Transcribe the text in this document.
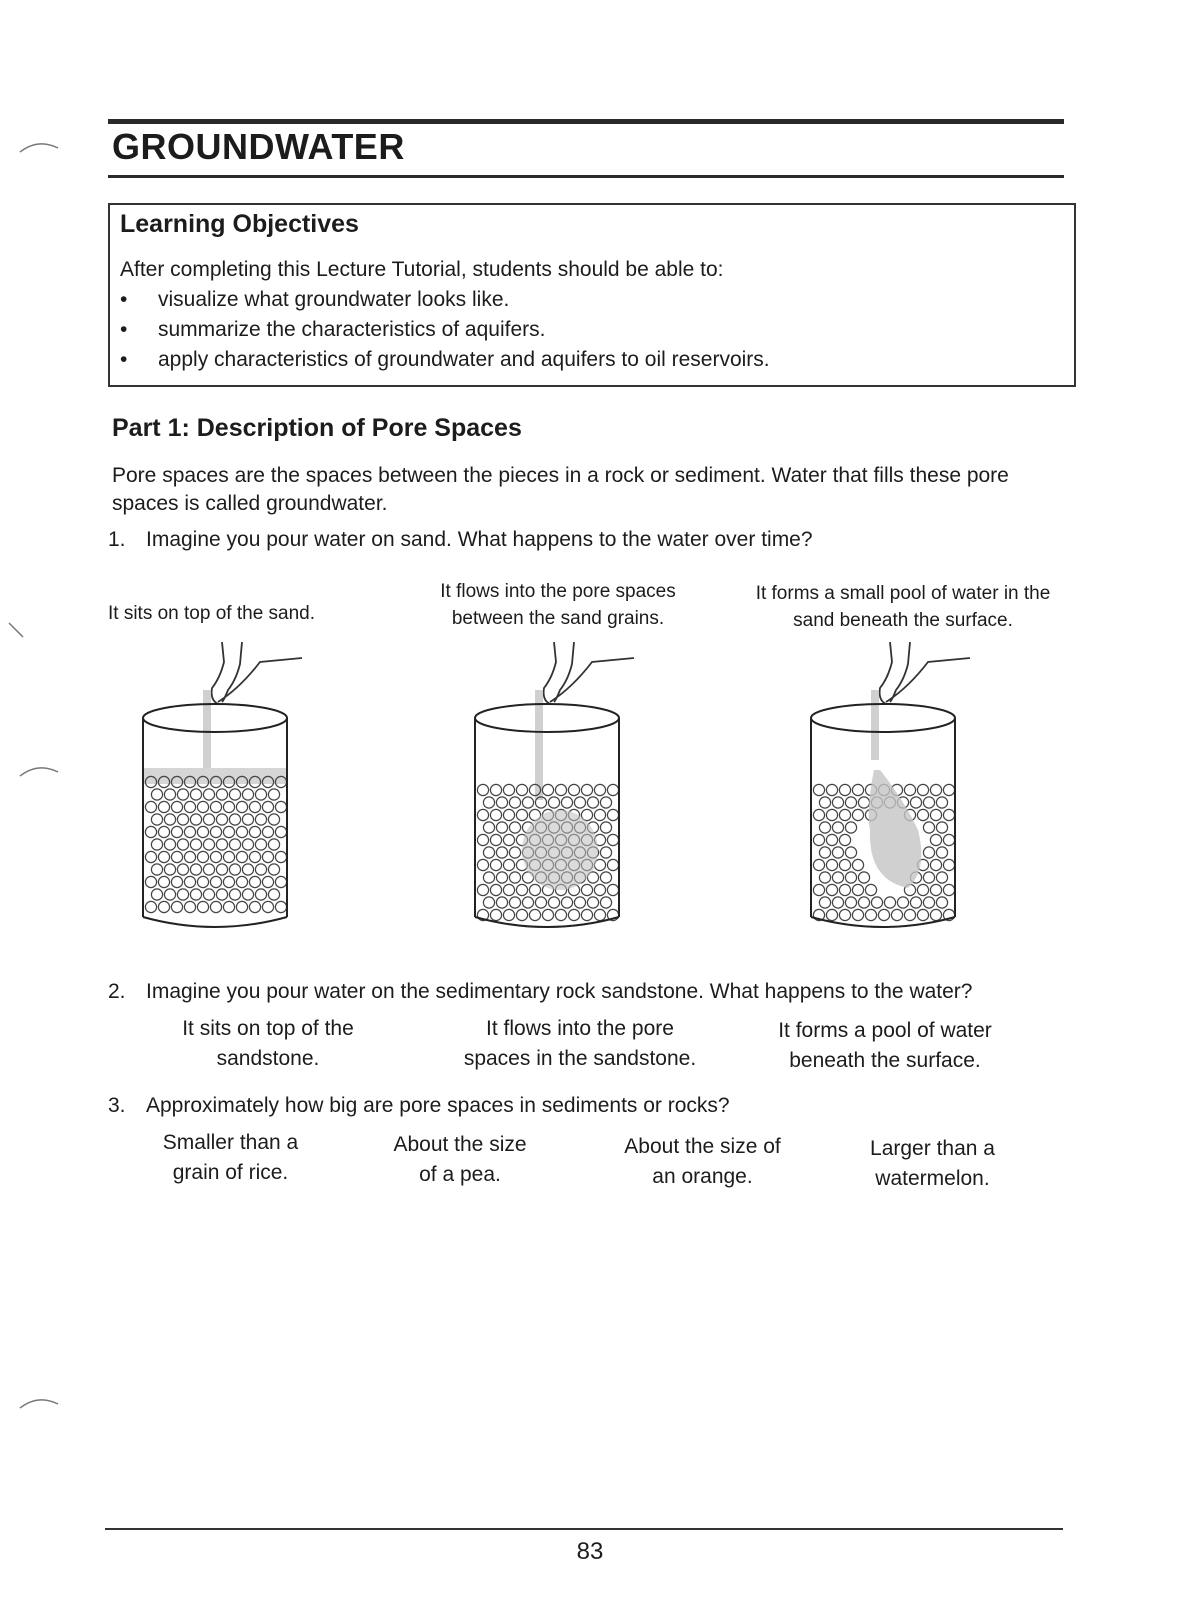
GROUNDWATER
Learning Objectives
After completing this Lecture Tutorial, students should be able to:
• visualize what groundwater looks like.
• summarize the characteristics of aquifers.
• apply characteristics of groundwater and aquifers to oil reservoirs.
Part 1: Description of Pore Spaces
Pore spaces are the spaces between the pieces in a rock or sediment. Water that fills these pore spaces is called groundwater.
1. Imagine you pour water on sand. What happens to the water over time?
It sits on top of the sand.
It flows into the pore spaces between the sand grains.
It forms a small pool of water in the sand beneath the surface.
2. Imagine you pour water on the sedimentary rock sandstone. What happens to the water?
It sits on top of the sandstone.
It flows into the pore spaces in the sandstone.
It forms a pool of water beneath the surface.
3. Approximately how big are pore spaces in sediments or rocks?
Smaller than a grain of rice.
About the size of a pea.
About the size of an orange.
Larger than a watermelon.
83
